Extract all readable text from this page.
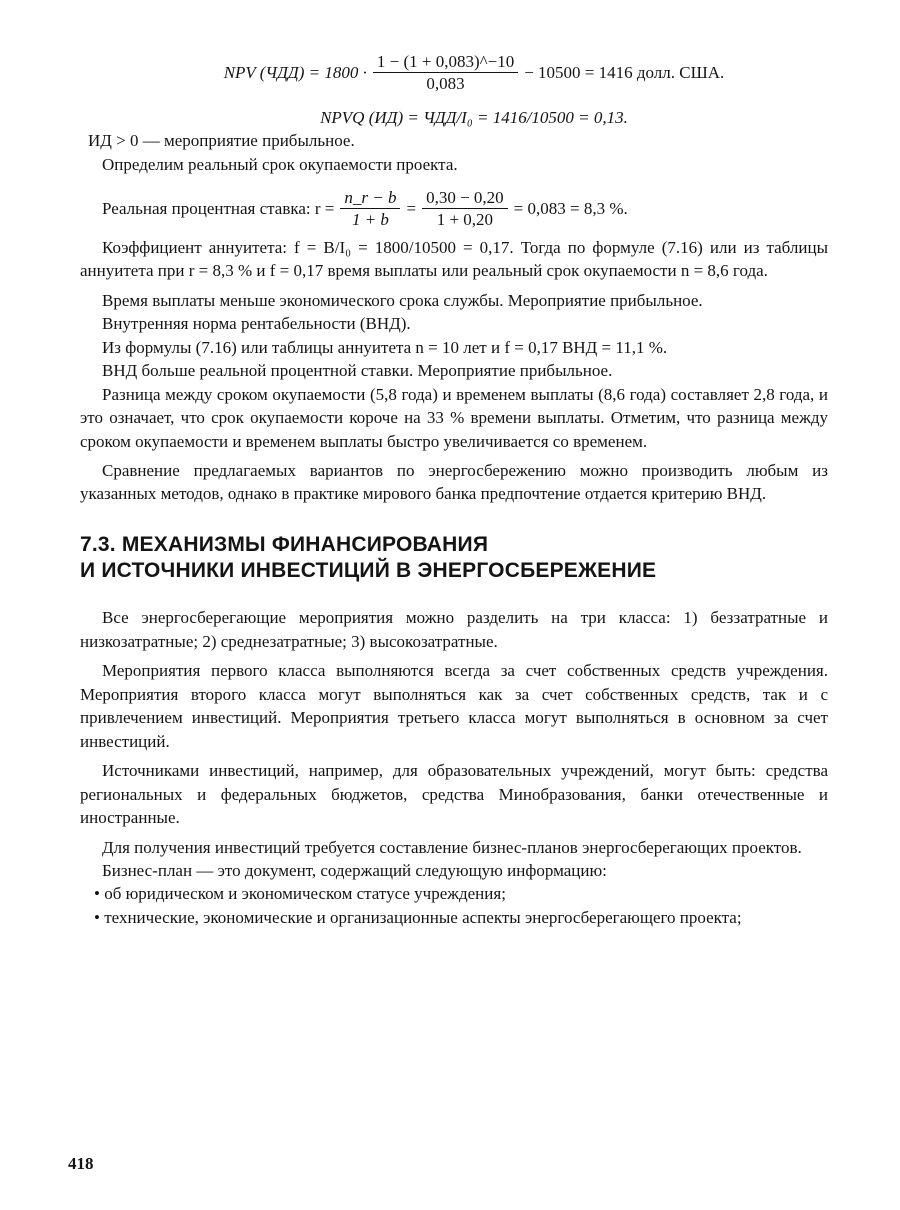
NPV $(ЧДД) = 1800 \cdot \frac{1 - (1 + 0,083)\^{}-10}{0,083} - 10500 = 1416$ долл. США.
NPVQ (ИД) = ЧДД/I₀ = 1416/10500 = 0,13.

ИД > 0 — мероприятие прибыльное.

Определим реальный срок окупаемости проекта.

Реальная процентная ставка: $r = \frac{n\_r - b}{1 + b} = \frac{0,30 - 0,20}{1 + 0,20} = 0,083 = 8,3$ %.

Коэффициент аннуитета: f = B/I₀ = 1800/10500 = 0,17. Тогда по формуле (7.16) или из таблицы аннуитета при r = 8,3 % и f = 0,17 время выплаты или реальный срок окупаемости n = 8,6 года.

Время выплаты меньше экономического срока службы. Мероприятие прибыльное.

Внутренняя норма рентабельности (ВНД).

Из формулы (7.16) или таблицы аннуитета n = 10 лет и f = 0,17 ВНД = 11,1 %.

ВНД больше реальной процентной ставки. Мероприятие прибыльное.

Разница между сроком окупаемости (5,8 года) и временем выплаты (8,6 года) составляет 2,8 года, и это означает, что срок окупаемости короче на 33 % времени выплаты. Отметим, что разница между сроком окупаемости и временем выплаты быстро увеличивается со временем.

Сравнение предлагаемых вариантов по энергосбережению можно производить любым из указанных методов, однако в практике мирового банка предпочтение отдается критерию ВНД.

7.3. МЕХАНИЗМЫ ФИНАНСИРОВАНИЯ
И ИСТОЧНИКИ ИНВЕСТИЦИЙ В ЭНЕРГОСБЕРЕЖЕНИЕ

Все энергосберегающие мероприятия можно разделить на три класса: 1) беззатратные и низкозатратные; 2) среднезатратные; 3) высокозатратные.

Мероприятия первого класса выполняются всегда за счет собственных средств учреждения. Мероприятия второго класса могут выполняться как за счет собственных средств, так и с привлечением инвестиций. Мероприятия третьего класса могут выполняться в основном за счет инвестиций.

Источниками инвестиций, например, для образовательных учреждений, могут быть: средства региональных и федеральных бюджетов, средства Минобразования, банки отечественные и иностранные.

Для получения инвестиций требуется составление бизнес-планов энергосберегающих проектов.

Бизнес-план — это документ, содержащий следующую информацию:

• об юридическом и экономическом статусе учреждения;

• технические, экономические и организационные аспекты энергосберегающего проекта;

418
